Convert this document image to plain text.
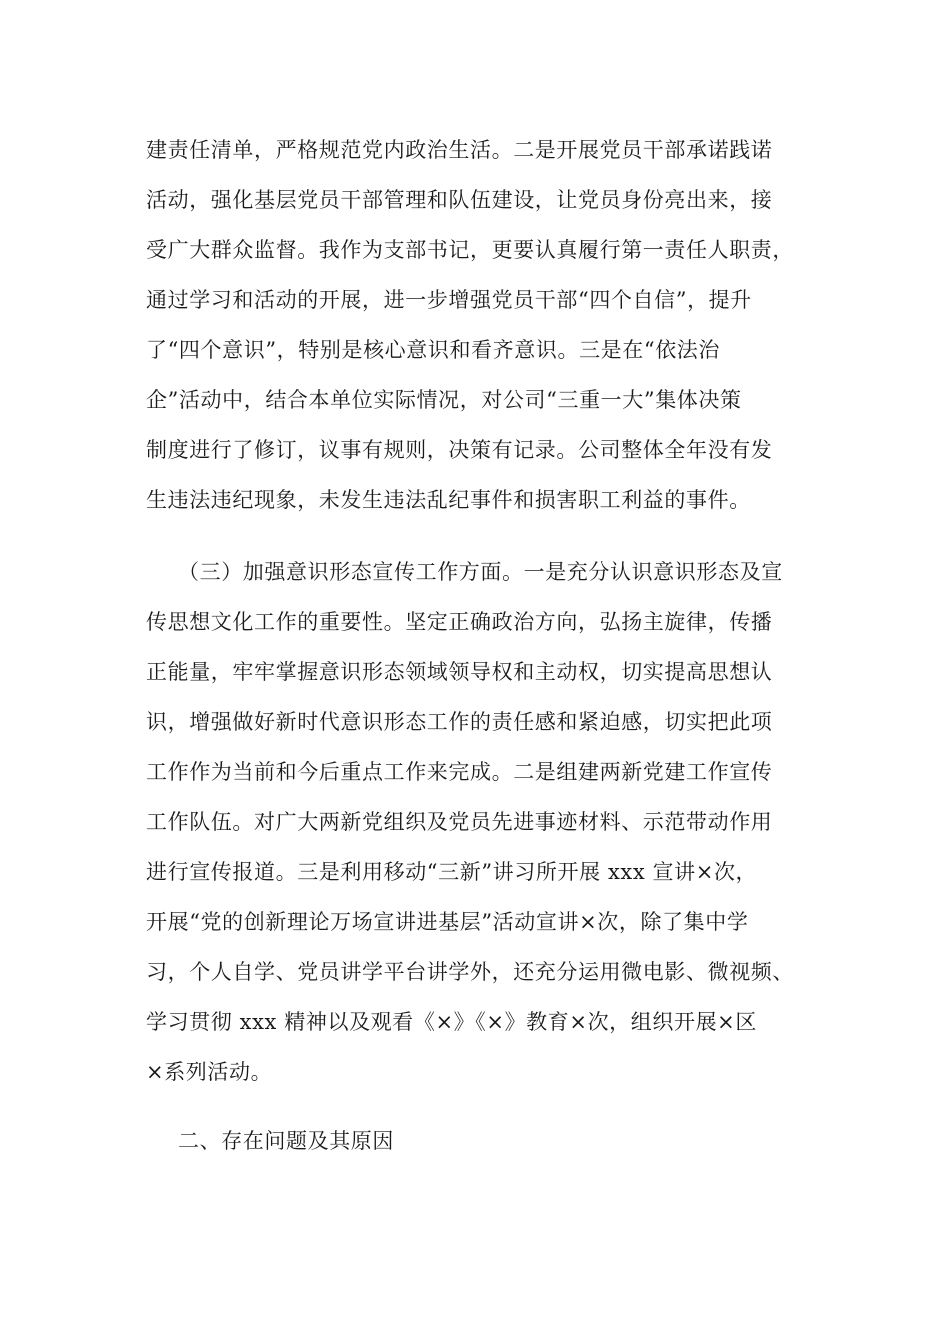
建责任清单，严格规范党内政治生活。二是开展党员干部承诺践诺
活动，强化基层党员干部管理和队伍建设，让党员身份亮出来，接
受广大群众监督。我作为支部书记，更要认真履行第一责任人职责，
通过学习和活动的开展，进一步增强党员干部“四个自信”，提升
了“四个意识”，特别是核心意识和看齐意识。三是在“依法治
企”活动中，结合本单位实际情况，对公司“三重一大”集体决策
制度进行了修订，议事有规则，决策有记录。公司整体全年没有发
生违法违纪现象，未发生违法乱纪事件和损害职工利益的事件。
（三）加强意识形态宣传工作方面。一是充分认识意识形态及宣
传思想文化工作的重要性。坚定正确政治方向，弘扬主旋律，传播
正能量，牢牢掌握意识形态领域领导权和主动权，切实提高思想认
识，增强做好新时代意识形态工作的责任感和紧迫感，切实把此项
工作作为当前和今后重点工作来完成。二是组建两新党建工作宣传
工作队伍。对广大两新党组织及党员先进事迹材料、示范带动作用
进行宣传报道。三是利用移动“三新”讲习所开展 xxx 宣讲×次，
开展“党的创新理论万场宣讲进基层”活动宣讲×次，除了集中学
习，个人自学、党员讲学平台讲学外，还充分运用微电影、微视频、
学习贯彻 xxx 精神以及观看《×》《×》教育×次，组织开展×区
×系列活动。
二、存在问题及其原因
